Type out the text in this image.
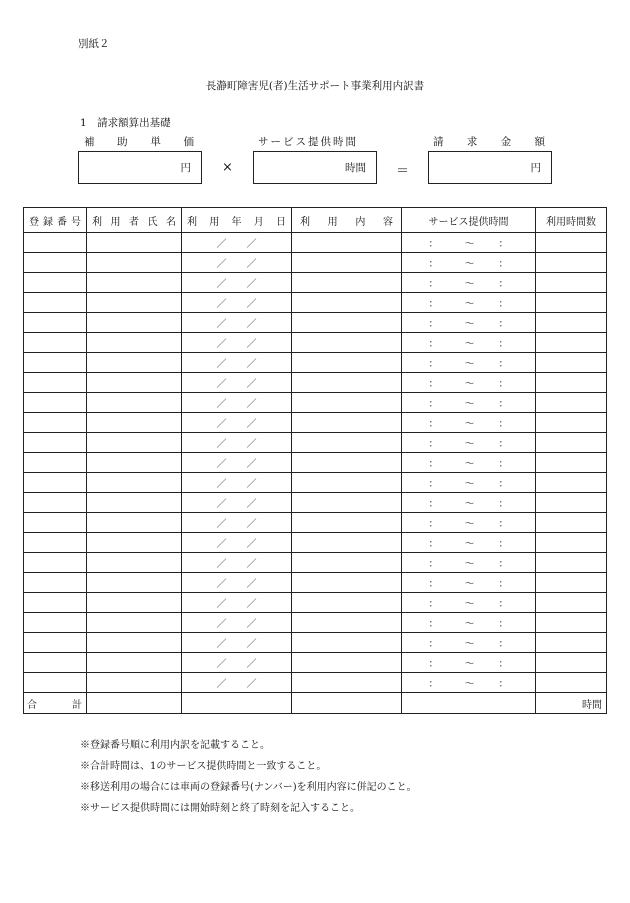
別紙２
長瀞町障害児(者)生活サポート事業利用内訳書
1　請求額算出基礎
補 助 単 価	サ ー ビ ス 提 供 時 間	請 求 金 額
円 ×	時間 ＝	円
登 録 番 号	利 用 者 氏 名	利 用 年 月 日	利 用 内 容	サービス提供時間	利用時間数

		／ ／		： 〜 ：	
		／ ／		： 〜 ：	
		／ ／		： 〜 ：	
		／ ／		： 〜 ：	
		／ ／		： 〜 ：	
		／ ／		： 〜 ：	
		／ ／		： 〜 ：	
		／ ／		： 〜 ：	
		／ ／		： 〜 ：	
		／ ／		： 〜 ：	
		／ ／		： 〜 ：	
		／ ／		： 〜 ：	
		／ ／		： 〜 ：	
		／ ／		： 〜 ：	
		／ ／		： 〜 ：	
		／ ／		： 〜 ：	
		／ ／		： 〜 ：	
		／ ／		： 〜 ：	
		／ ／		： 〜 ：	
		／ ／		： 〜 ：	
		／ ／		： 〜 ：	
		／ ／		： 〜 ：	
		／ ／		： 〜 ：	

合 計					時間
※登録番号順に利用内訳を記載すること。
※合計時間は、1のサービス提供時間と一致すること。
※移送利用の場合には車両の登録番号(ナンバー)を利用内容に併記のこと。
※サービス提供時間には開始時刻と終了時刻を記入すること。
